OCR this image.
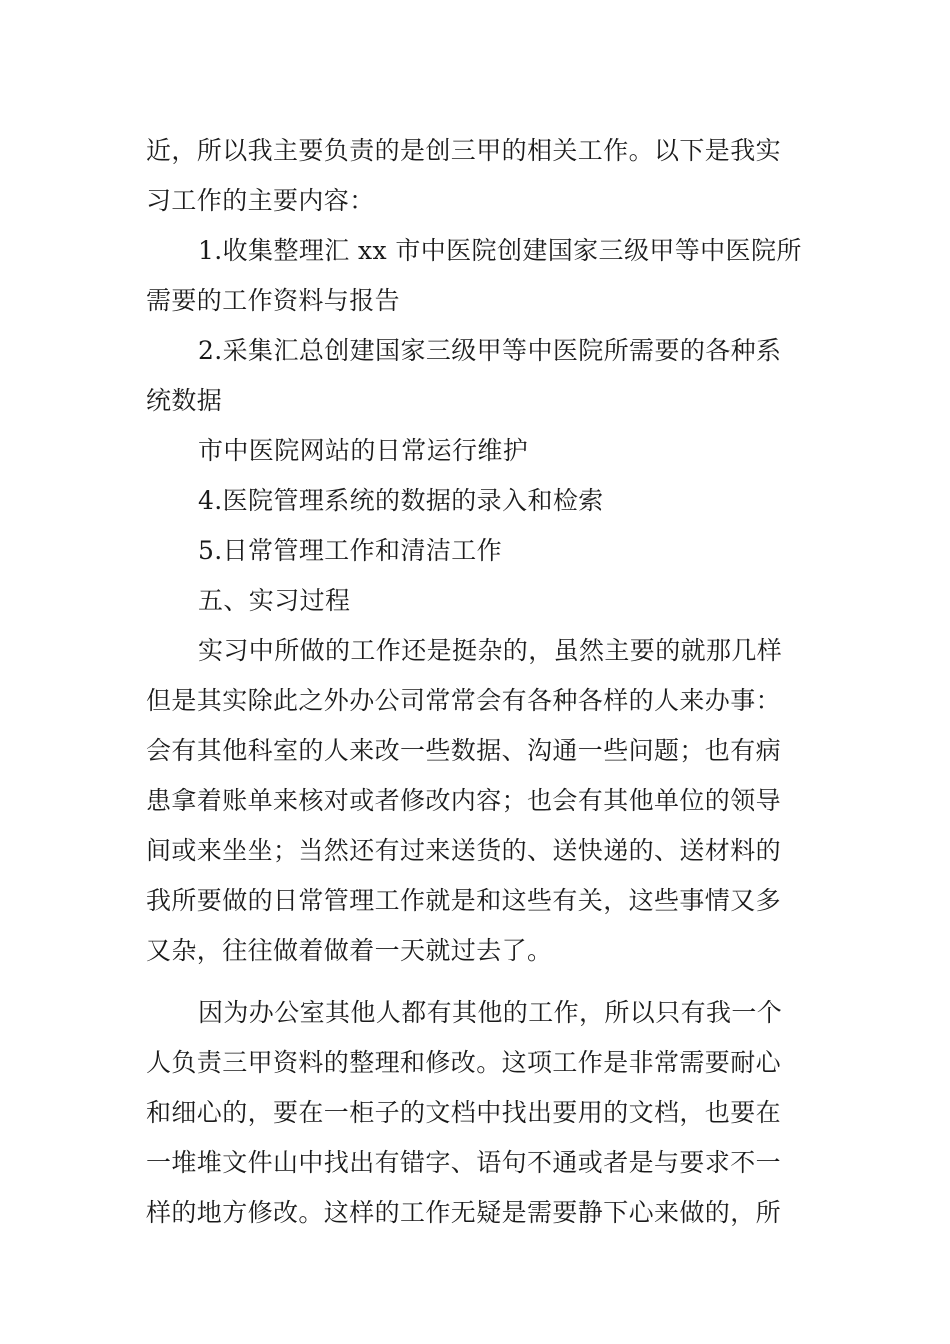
近，所以我主要负责的是创三甲的相关工作。以下是我实
习工作的主要内容：
1.收集整理汇 xx 市中医院创建国家三级甲等中医院所
需要的工作资料与报告
2.采集汇总创建国家三级甲等中医院所需要的各种系
统数据
市中医院网站的日常运行维护
4.医院管理系统的数据的录入和检索
5.日常管理工作和清洁工作
五、实习过程
实习中所做的工作还是挺杂的，虽然主要的就那几样
但是其实除此之外办公司常常会有各种各样的人来办事：
会有其他科室的人来改一些数据、沟通一些问题；也有病
患拿着账单来核对或者修改内容；也会有其他单位的领导
间或来坐坐；当然还有过来送货的、送快递的、送材料的
我所要做的日常管理工作就是和这些有关，这些事情又多
又杂，往往做着做着一天就过去了。
因为办公室其他人都有其他的工作，所以只有我一个
人负责三甲资料的整理和修改。这项工作是非常需要耐心
和细心的，要在一柜子的文档中找出要用的文档，也要在
一堆堆文件山中找出有错字、语句不通或者是与要求不一
样的地方修改。这样的工作无疑是需要静下心来做的，所
